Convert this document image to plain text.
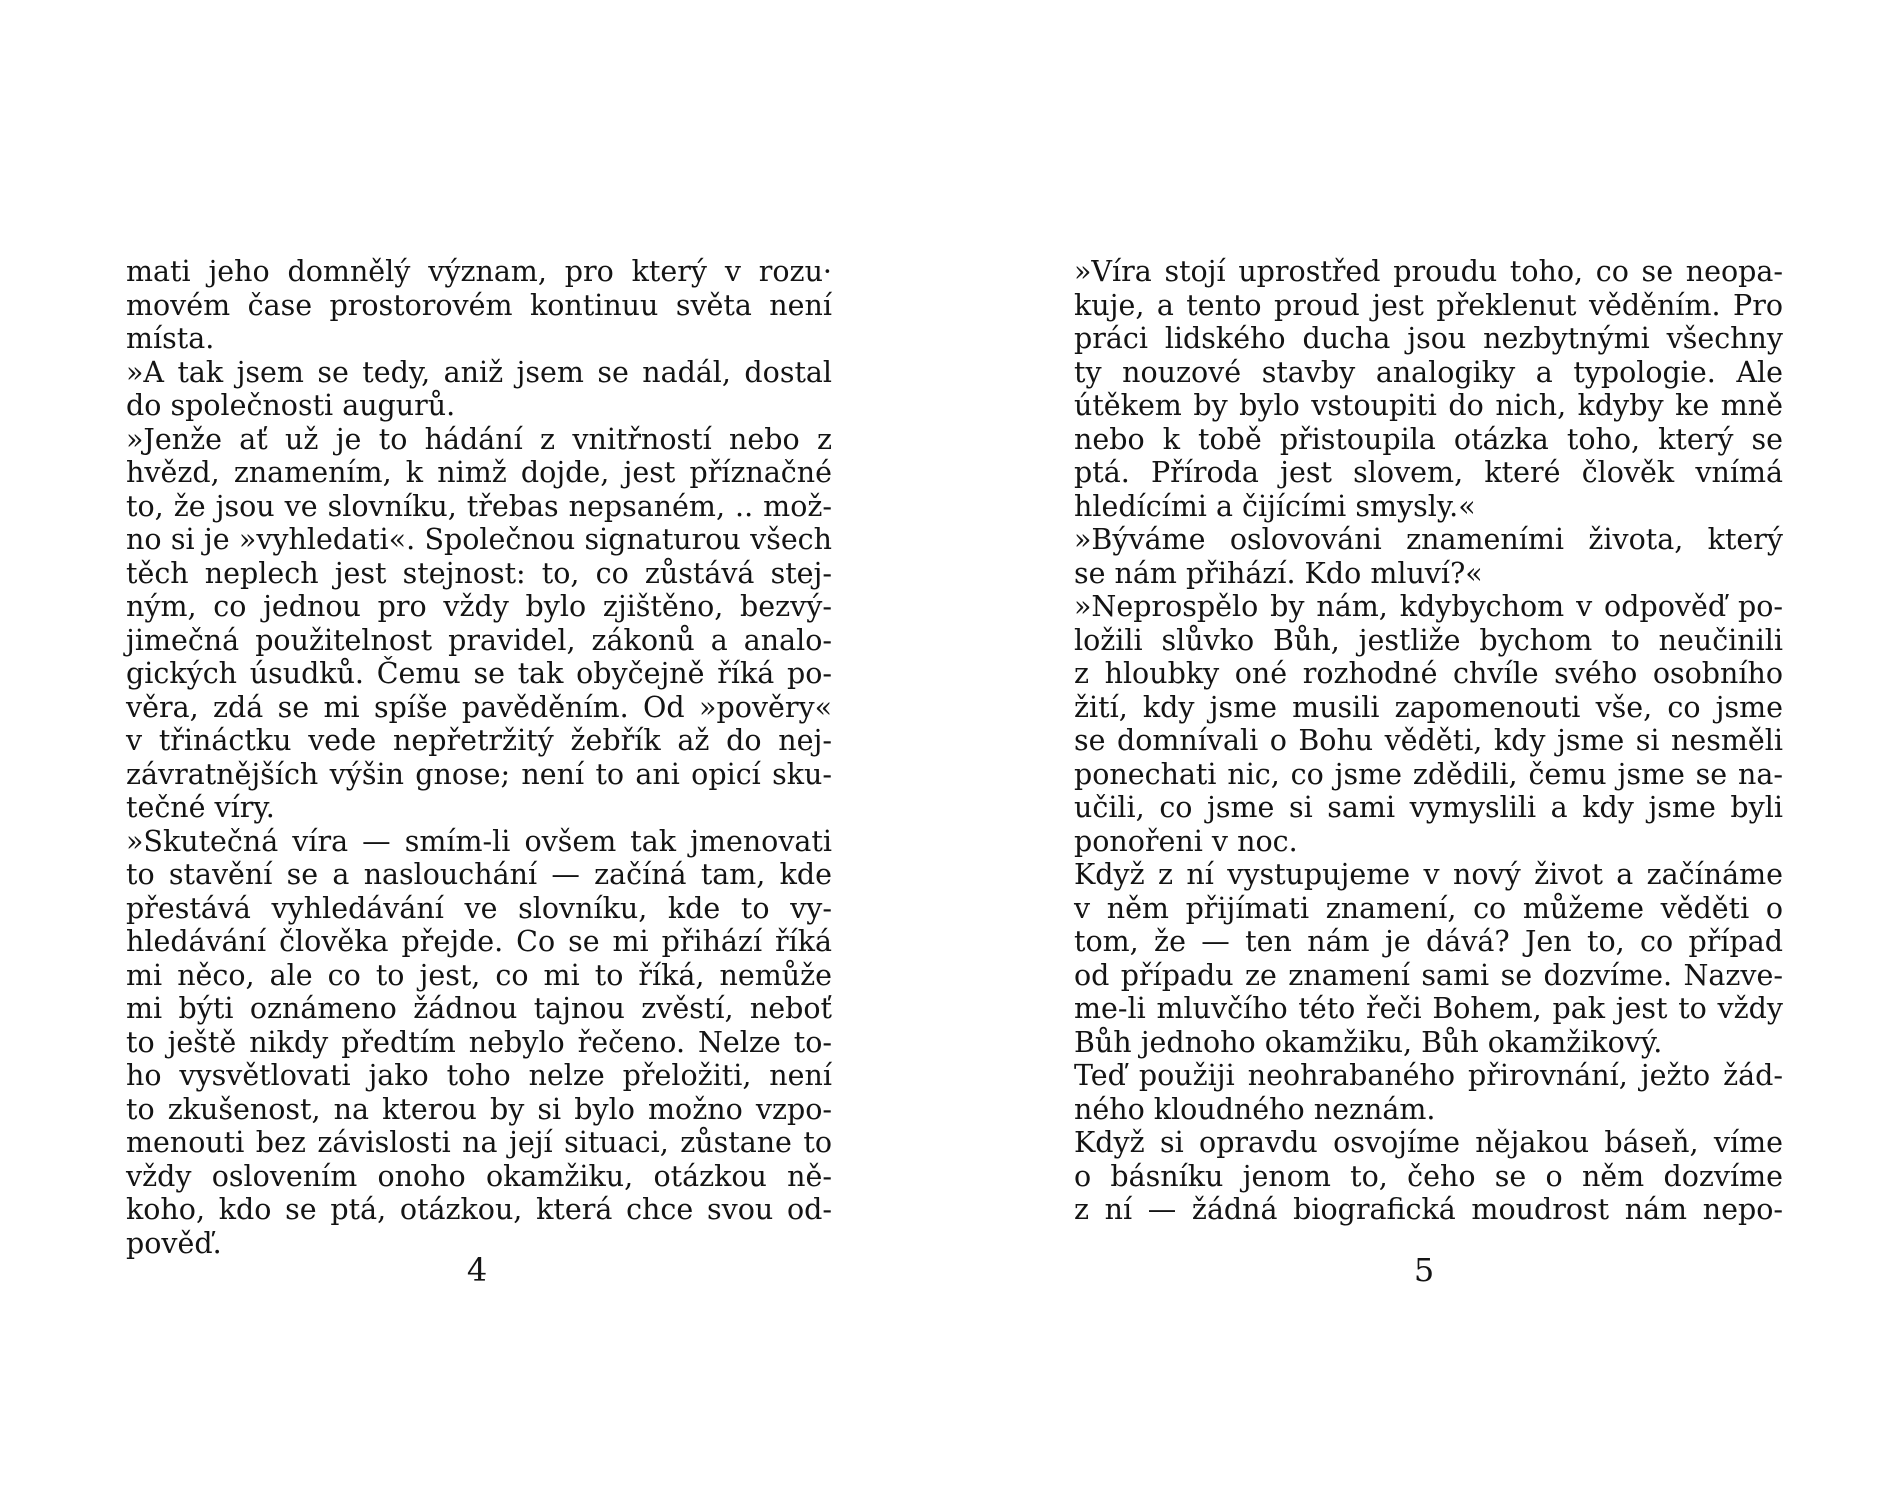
mati jeho domnělý význam, pro který v rozu·
movém čase prostorovém kontinuu světa není
místa.
»A tak jsem se tedy, aniž jsem se nadál, dostal
do společnosti augurů.
»Jenže ať už je to hádání z vnitřností nebo z
hvězd, znamením, k nimž dojde, jest příznačné
to, že jsou ve slovníku, třebas nepsaném, .. mož-
no si je »vyhledati«. Společnou signaturou všech
těch neplech jest stejnost: to, co zůstává stej-
ným, co jednou pro vždy bylo zjištěno, bezvý-
jimečná použitelnost pravidel, zákonů a analo-
gických úsudků. Čemu se tak obyčejně říká po-
věra, zdá se mi spíše pavěděním. Od »pověry«
v třináctku vede nepřetržitý žebřík až do nej-
závratnějších výšin gnose; není to ani opicí sku-
tečné víry.
»Skutečná víra — smím-li ovšem tak jmenovati
to stavění se a naslouchání — začíná tam, kde
přestává vyhledávání ve slovníku, kde to vy-
hledávání člověka přejde. Co se mi přihází říká
mi něco, ale co to jest, co mi to říká, nemůže
mi býti oznámeno žádnou tajnou zvěstí, neboť
to ještě nikdy předtím nebylo řečeno. Nelze to-
ho vysvětlovati jako toho nelze přeložiti, není
to zkušenost, na kterou by si bylo možno vzpo-
menouti bez závislosti na její situaci, zůstane to
vždy oslovením onoho okamžiku, otázkou ně-
koho, kdo se ptá, otázkou, která chce svou od-
pověď.
4
»Víra stojí uprostřed proudu toho, co se neopa-
kuje, a tento proud jest překlenut věděním. Pro
práci lidského ducha jsou nezbytnými všechny
ty nouzové stavby analogiky a typologie. Ale
útěkem by bylo vstoupiti do nich, kdyby ke mně
nebo k tobě přistoupila otázka toho, který se
ptá. Příroda jest slovem, které člověk vnímá
hledícími a čijícími smysly.«
»Býváme oslovováni znameními života, který
se nám přihází. Kdo mluví?«
»Neprospělo by nám, kdybychom v odpověď po-
ložili slůvko Bůh, jestliže bychom to neučinili
z hloubky oné rozhodné chvíle svého osobního
žití, kdy jsme musili zapomenouti vše, co jsme
se domnívali o Bohu věděti, kdy jsme si nesměli
ponechati nic, co jsme zdědili, čemu jsme se na-
učili, co jsme si sami vymyslili a kdy jsme byli
ponořeni v noc.
Když z ní vystupujeme v nový život a začínáme
v něm přijímati znamení, co můžeme věděti o
tom, že — ten nám je dává? Jen to, co případ
od případu ze znamení sami se dozvíme. Nazve-
me-li mluvčího této řeči Bohem, pak jest to vždy
Bůh jednoho okamžiku, Bůh okamžikový.
Teď použiji neohrabaného přirovnání, ježto žád-
ného kloudného neznám.
Když si opravdu osvojíme nějakou báseň, víme
o básníku jenom to, čeho se o něm dozvíme
z ní — žádná biografická moudrost nám nepo-
5
